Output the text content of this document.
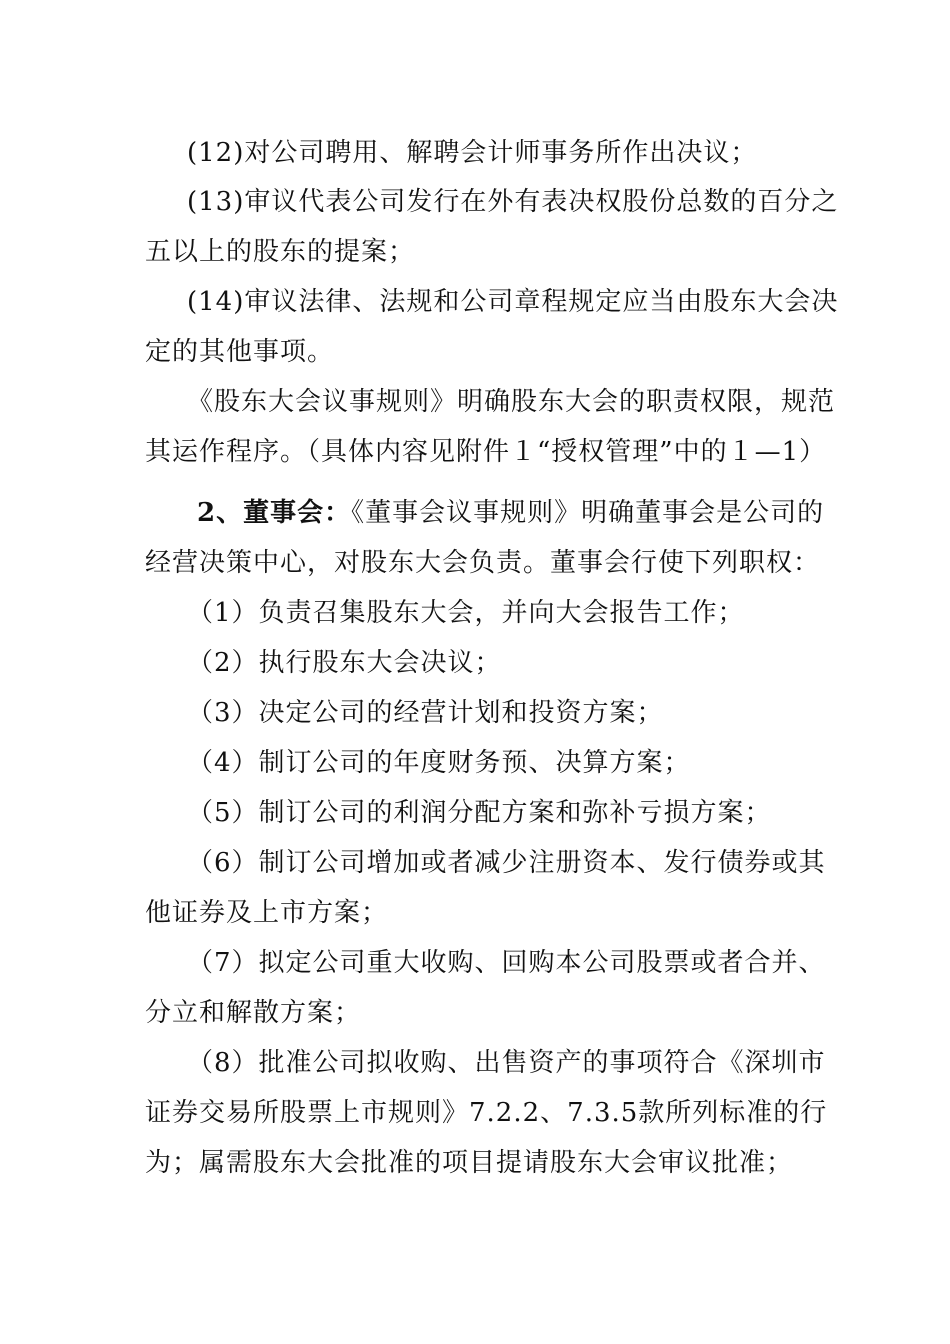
(12)对公司聘用、解聘会计师事务所作出决议；
(13)审议代表公司发行在外有表决权股份总数的百分之
五以上的股东的提案；
(14)审议法律、法规和公司章程规定应当由股东大会决
定的其他事项。
《股东大会议事规则》明确股东大会的职责权限，规范
其运作程序。（具体内容见附件１“授权管理”中的１—1）
2、董事会：《董事会议事规则》明确董事会是公司的
经营决策中心，对股东大会负责。董事会行使下列职权：
（1）负责召集股东大会，并向大会报告工作；
（2）执行股东大会决议；
（3）决定公司的经营计划和投资方案；
（4）制订公司的年度财务预、决算方案；
（5）制订公司的利润分配方案和弥补亏损方案；
（6）制订公司增加或者减少注册资本、发行债券或其
他证券及上市方案；
（7）拟定公司重大收购、回购本公司股票或者合并、
分立和解散方案；
（8）批准公司拟收购、出售资产的事项符合《深圳市
证券交易所股票上市规则》7.2.2、7.3.5款所列标准的行
为；属需股东大会批准的项目提请股东大会审议批准；
